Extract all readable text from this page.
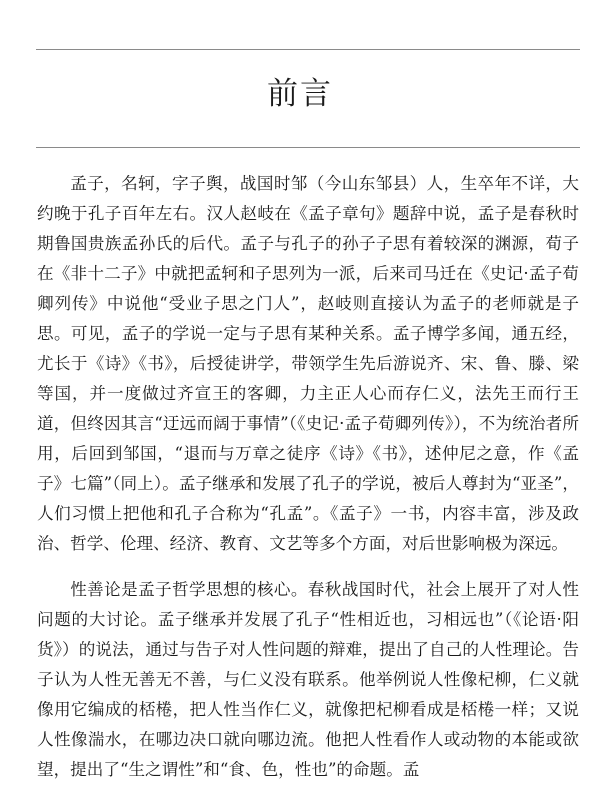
前言

孟子，名轲，字子舆，战国时邹（今山东邹县）人，生卒年不详，大约晚于孔子百年左右。汉人赵岐在《孟子章句》题辞中说，孟子是春秋时期鲁国贵族孟孙氏的后代。孟子与孔子的孙子子思有着较深的渊源，荀子在《非十二子》中就把孟轲和子思列为一派，后来司马迁在《史记·孟子荀卿列传》中说他“受业子思之门人”，赵岐则直接认为孟子的老师就是子思。可见，孟子的学说一定与子思有某种关系。孟子博学多闻，通五经，尤长于《诗》《书》，后授徒讲学，带领学生先后游说齐、宋、鲁、滕、梁等国，并一度做过齐宣王的客卿，力主正人心而存仁义，法先王而行王道，但终因其言“迂远而阔于事情”（《史记·孟子荀卿列传》），不为统治者所用，后回到邹国，“退而与万章之徒序《诗》《书》，述仲尼之意，作《孟子》七篇”（同上）。孟子继承和发展了孔子的学说，被后人尊封为“亚圣”，人们习惯上把他和孔子合称为“孔孟”。《孟子》一书，内容丰富，涉及政治、哲学、伦理、经济、教育、文艺等多个方面，对后世影响极为深远。

性善论是孟子哲学思想的核心。春秋战国时代，社会上展开了对人性问题的大讨论。孟子继承并发展了孔子“性相近也，习相远也”（《论语·阳货》）的说法，通过与告子对人性问题的辩难，提出了自己的人性理论。告子认为人性无善无不善，与仁义没有联系。他举例说人性像杞柳，仁义就像用它编成的桮棬，把人性当作仁义，就像把杞柳看成是桮棬一样；又说人性像湍水，在哪边决口就向哪边流。他把人性看作人或动物的本能或欲望，提出了“生之谓性”和“食、色，性也”的命题。孟
